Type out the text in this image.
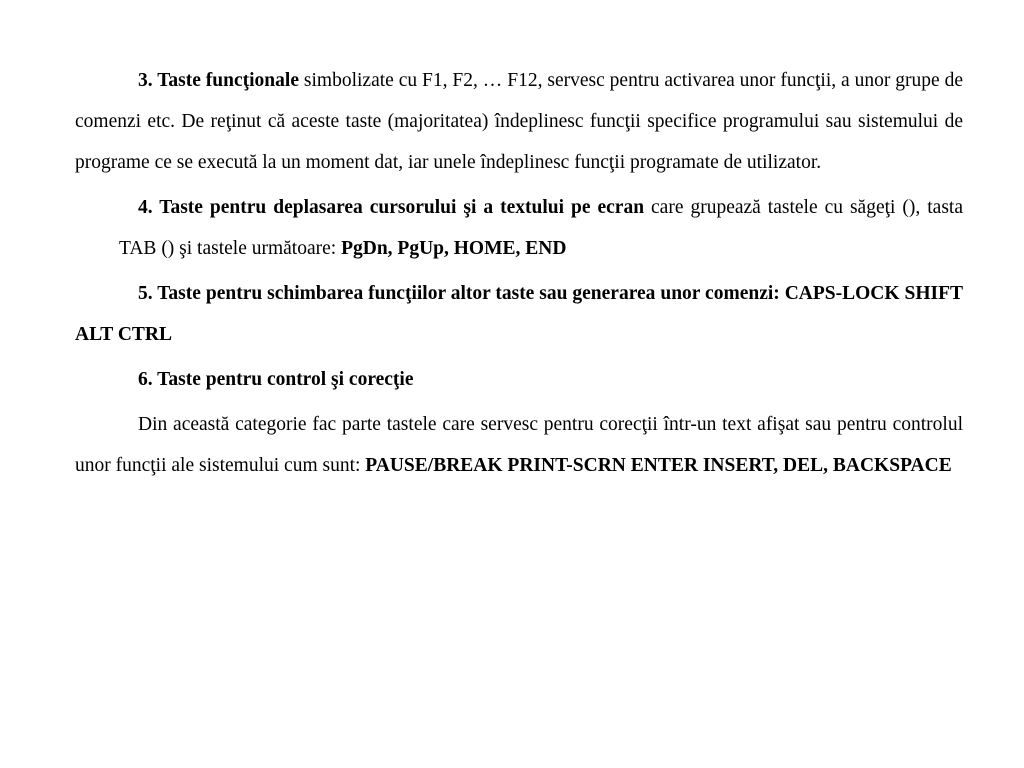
3. Taste funcţionale simbolizate cu F1, F2, … F12, servesc pentru activarea unor funcţii, a unor grupe de comenzi etc. De reţinut că aceste taste (majoritatea) îndeplinesc funcţii specifice programului sau sistemului de programe ce se execută la un moment dat, iar unele îndeplinesc funcţii programate de utilizator.

4. Taste pentru deplasarea cursorului şi a textului pe ecran care grupează tastele cu săgeţi (), tastaTAB () şi tastele următoare: PgDn, PgUp, HOME, END

5. Taste pentru schimbarea funcţiilor altor taste sau generarea unor comenzi: CAPS-LOCK SHIFT ALT CTRL

6. Taste pentru control şi corecţie

Din această categorie fac parte tastele care servesc pentru corecţii într-un text afişat sau pentru controlul unor funcţii ale sistemului cum sunt: PAUSE/BREAK PRINT-SCRN ENTER INSERT, DEL, BACKSPACE
